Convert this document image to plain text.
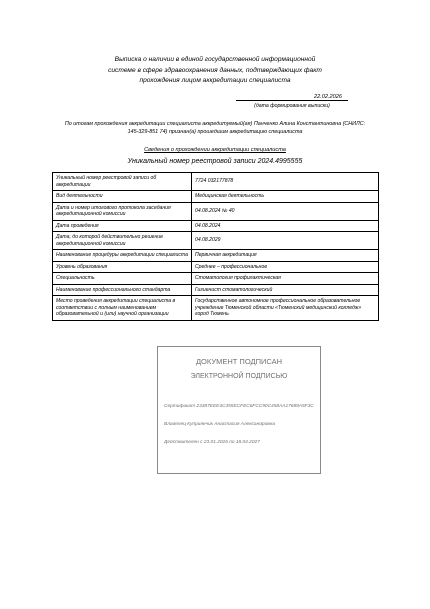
Выписка о наличии в единой государственной информационной
системе в сфере здравоохранения данных, подтверждающих факт
прохождения лицом аккредитации специалиста
22.02.2026
(дата формирования выписки)
По итогам прохождения аккредитации специалиста аккредитуемый(ая) Панченко Алина Константиновна (СНИЛС:
145-329-851 74) признан(а) прошедшим аккредитацию специалиста
Сведения о прохождении аккредитации специалиста
Уникальный номер реестровой записи 2024.4995555
Уникальный номер реестровой записи об аккредитации	7724 032177878
Вид деятельности	Медицинская деятельность
Дата и номер итогового протокола заседания аккредитационной комиссии	04.08.2024 № 40
Дата проведения	04.08.2024
Дата, до которой действительно решение аккредитационной комиссии	04.08.2029
Наименование процедуры аккредитации специалиста	Первичная аккредитация
Уровень образования	Среднее – профессиональное
Специальность	Стоматология профилактическая
Наименование профессионального стандарта	Гигиенист стоматологический
Место проведения аккредитации специалиста в соответствии с полным наименованием образовательной и (или) научной организации	Государственное автономное профессиональное образовательное учреждение Тюменской области «Тюменский медицинский колледж» город Тюмень
ДОКУМЕНТ ПОДПИСАН
ЭЛЕКТРОННОЙ ПОДПИСЬЮ
Сертификат 23387EEE4C355ECFEC6FCC90C458AA17689A5F3C
Владелец Куприянчик Анастасия Александровна
Действителен с 23.01.2026 по 18.04.2027
